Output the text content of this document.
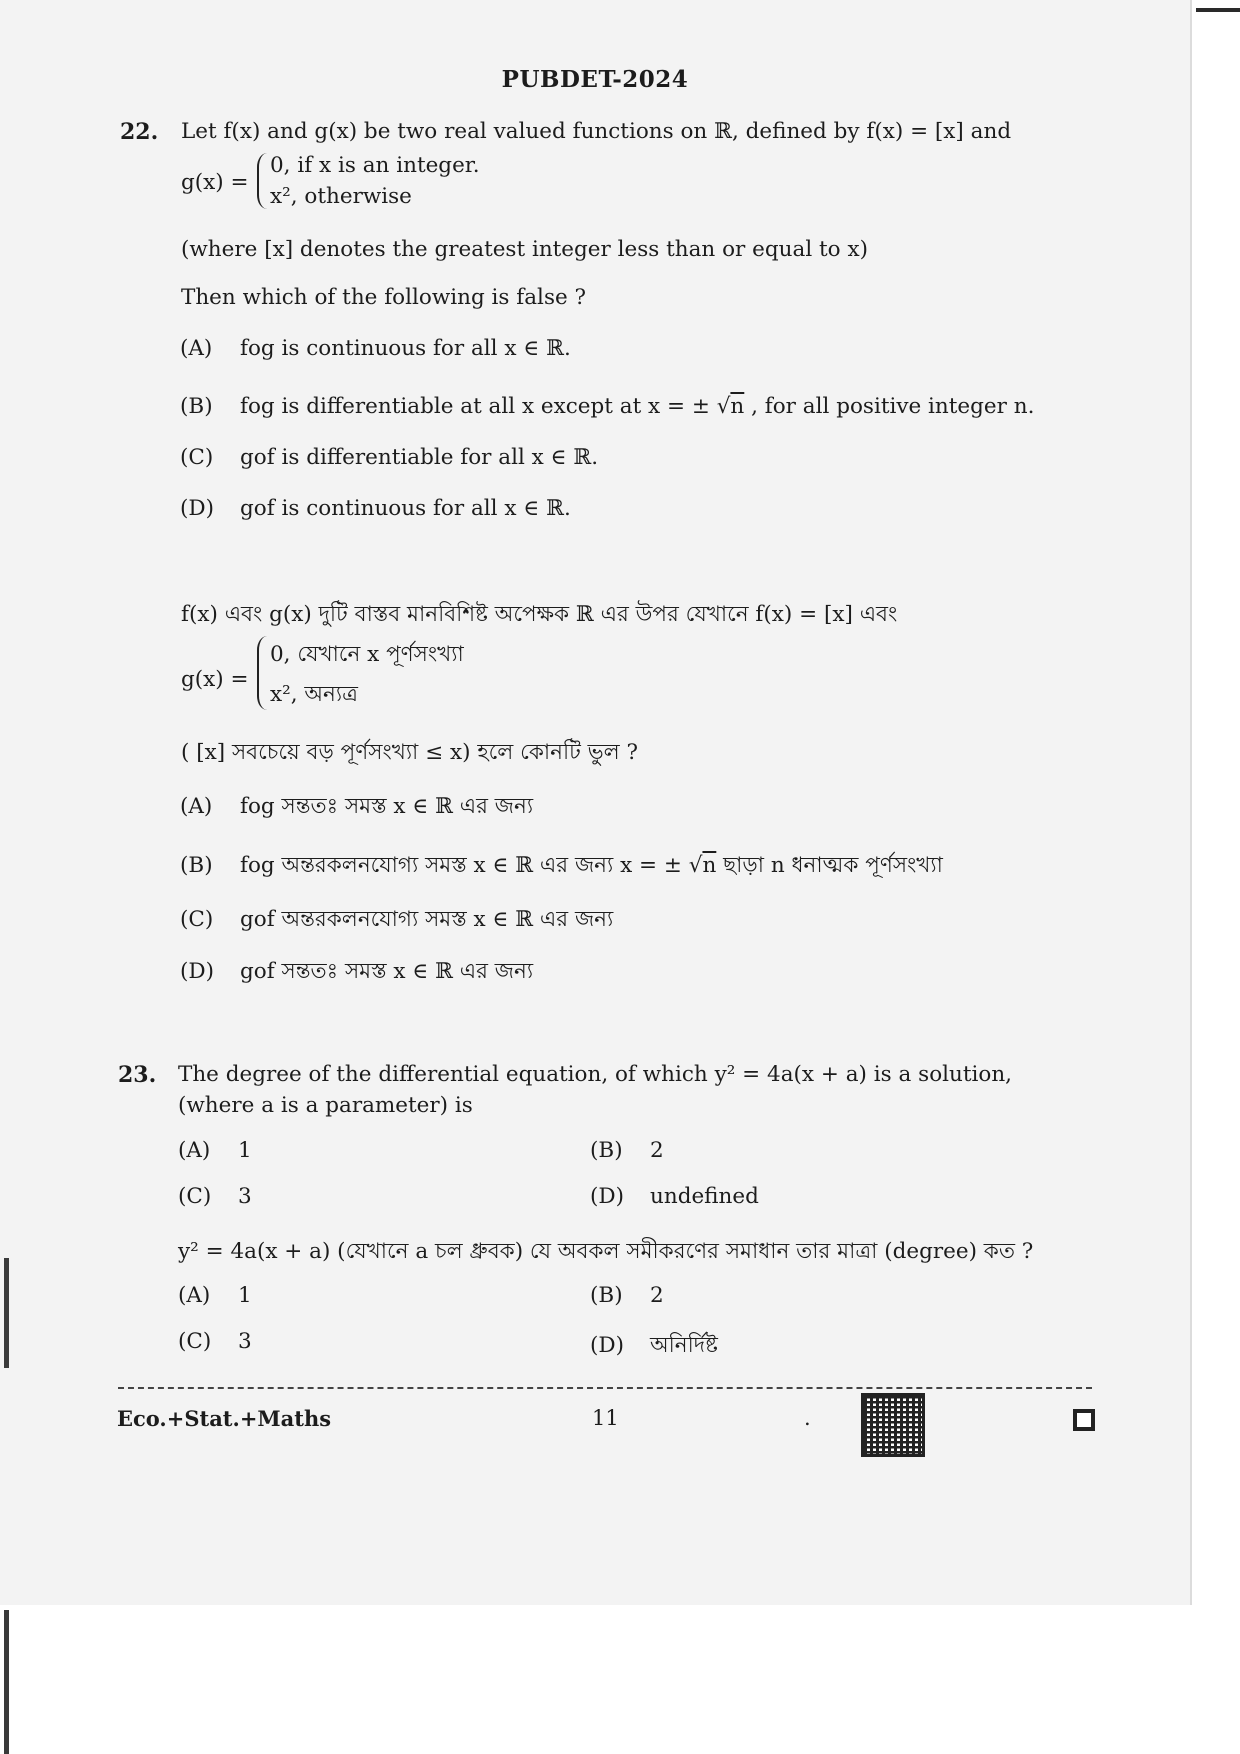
PUBDET-2024
22. Let f(x) and g(x) be two real valued functions on ℝ, defined by f(x) = [x] and
g(x) =
0, if x is an integer.
x², otherwise
(where [x] denotes the greatest integer less than or equal to x)
Then which of the following is false ?
(A) fog is continuous for all x ∈ ℝ.
(B) fog is differentiable at all x except at x = ± √n , for all positive integer n.
(C) gof is differentiable for all x ∈ ℝ.
(D) gof is continuous for all x ∈ ℝ.
f(x) এবং g(x) দুটি বাস্তব মানবিশিষ্ট অপেক্ষক ℝ এর উপর যেখানে f(x) = [x] এবং
g(x) =
0, যেখানে x পূর্ণসংখ্যা
x², অন্যত্র
( [x] সবচেয়ে বড় পূর্ণসংখ্যা ≤ x) হলে কোনটি ভুল ?
(A) fog সন্ততঃ সমস্ত x ∈ ℝ এর জন্য
(B) fog অন্তরকলনযোগ্য সমস্ত x ∈ ℝ এর জন্য x = ± √n ছাড়া n ধনাত্মক পূর্ণসংখ্যা
(C) gof অন্তরকলনযোগ্য সমস্ত x ∈ ℝ এর জন্য
(D) gof সন্ততঃ সমস্ত x ∈ ℝ এর জন্য
23. The degree of the differential equation, of which y² = 4a(x + a) is a solution,
(where a is a parameter) is
(A) 1	(B) 2
(C) 3	(D) undefined
y² = 4a(x + a) (যেখানে a চল ধ্রুবক) যে অবকল সমীকরণের সমাধান তার মাত্রা (degree) কত ?
(A) 1	(B) 2
(C) 3	(D) অনির্দিষ্ট
Eco.+Stat.+Maths	11	.
